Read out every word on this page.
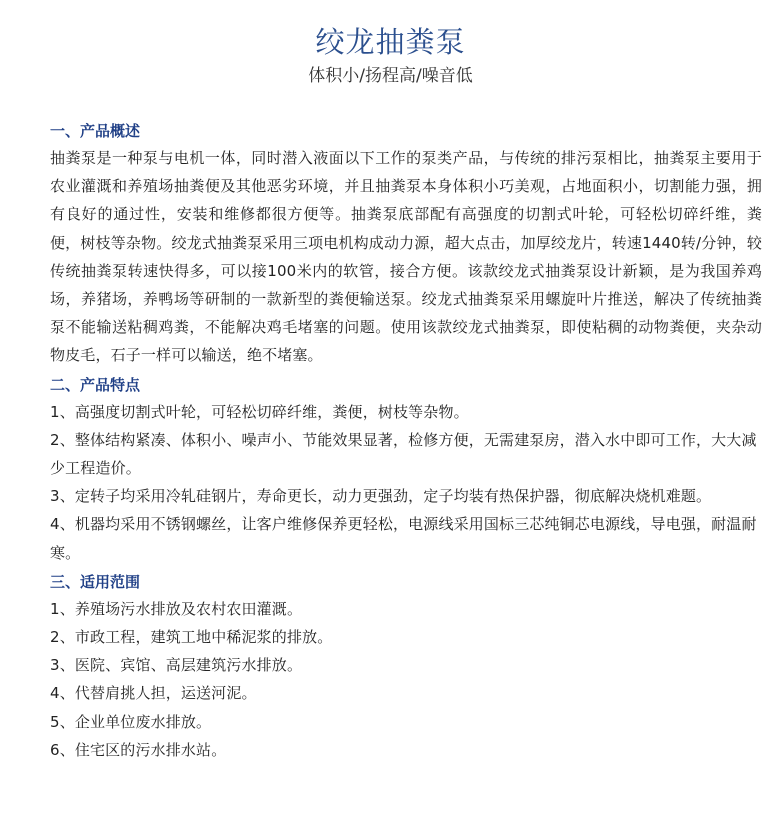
绞龙抽粪泵
体积小/扬程高/噪音低
一、产品概述
抽粪泵是一种泵与电机一体，同时潜入液面以下工作的泵类产品，与传统的排污泵相比，抽粪泵主要用于农业灌溉和养殖场抽粪便及其他恶劣环境，并且抽粪泵本身体积小巧美观，占地面积小，切割能力强，拥有良好的通过性，安装和维修都很方便等。抽粪泵底部配有高强度的切割式叶轮，可轻松切碎纤维，粪便，树枝等杂物。绞龙式抽粪泵采用三项电机构成动力源，超大点击，加厚绞龙片，转速1440转/分钟，较传统抽粪泵转速快得多，可以接100米内的软管，接合方便。该款绞龙式抽粪泵设计新颖，是为我国养鸡场，养猪场，养鸭场等研制的一款新型的粪便输送泵。绞龙式抽粪泵采用螺旋叶片推送，解决了传统抽粪泵不能输送粘稠鸡粪，不能解决鸡毛堵塞的问题。使用该款绞龙式抽粪泵，即使粘稠的动物粪便，夹杂动物皮毛，石子一样可以输送，绝不堵塞。
二、产品特点
1、高强度切割式叶轮，可轻松切碎纤维，粪便，树枝等杂物。
2、整体结构紧凑、体积小、噪声小、节能效果显著，检修方便，无需建泵房，潜入水中即可工作，大大减少工程造价。
3、定转子均采用冷轧硅钢片，寿命更长，动力更强劲，定子均装有热保护器，彻底解决烧机难题。
4、机器均采用不锈钢螺丝，让客户维修保养更轻松，电源线采用国标三芯纯铜芯电源线，导电强，耐温耐寒。
三、适用范围
1、养殖场污水排放及农村农田灌溉。
2、市政工程，建筑工地中稀泥浆的排放。
3、医院、宾馆、高层建筑污水排放。
4、代替肩挑人担，运送河泥。
5、企业单位废水排放。
6、住宅区的污水排水站。
